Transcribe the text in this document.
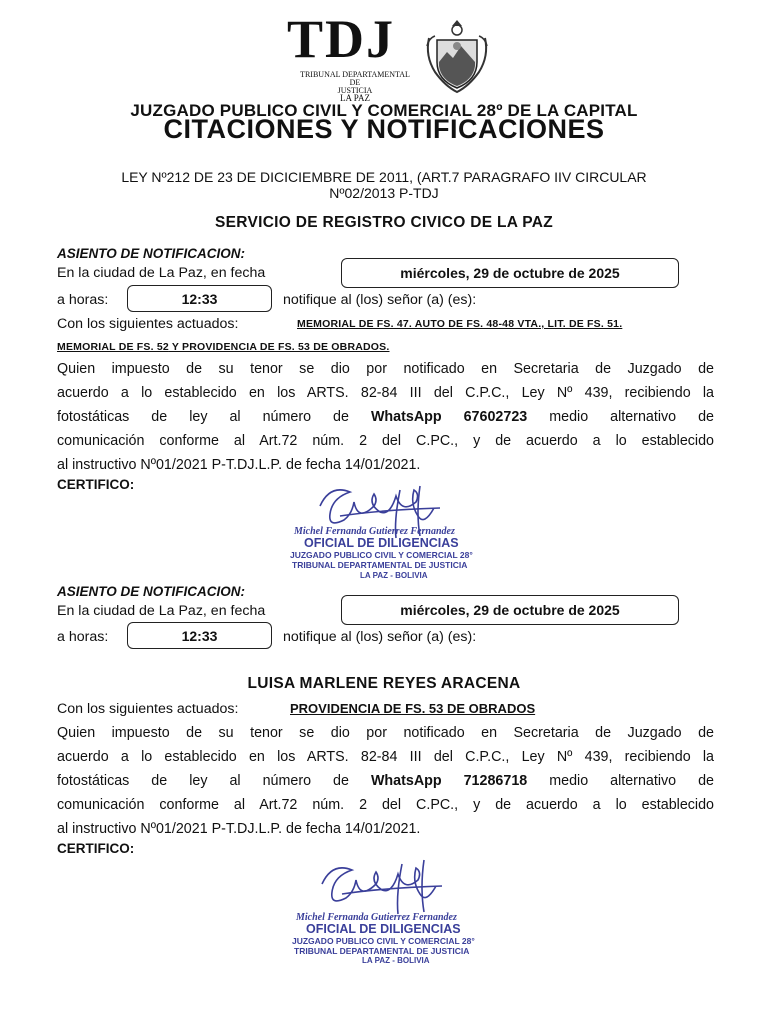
TDJ
TRIBUNAL DEPARTAMENTAL
DE
JUSTICIA
LA PAZ
JUZGADO PUBLICO CIVIL Y COMERCIAL 28º DE LA CAPITAL
CITACIONES Y NOTIFICACIONES
LEY Nº212 DE 23 DE DICICIEMBRE DE 2011, (ART.7 PARAGRAFO IIV CIRCULAR
Nº02/2013 P-TDJ
SERVICIO DE REGISTRO CIVICO DE LA PAZ
ASIENTO DE NOTIFICACION:
En la ciudad de La Paz, en fecha	miércoles, 29 de octubre de 2025
a horas:	12:33	notifique al (los) señor (a) (es):
Con los siguientes actuados:	MEMORIAL DE FS. 47. AUTO DE FS. 48-48 VTA., LIT. DE FS. 51.
MEMORIAL DE FS. 52 Y PROVIDENCIA DE FS. 53 DE OBRADOS.
Quien impuesto de su tenor se dio por notificado en Secretaria de Juzgado de
acuerdo a lo establecido en los ARTS. 82-84 III del C.P.C., Ley Nº 439, recibiendo la
fotostáticas de ley al número de WhatsApp 67602723 medio alternativo de
comunicación conforme al Art.72 núm. 2 del C.PC., y de acuerdo a lo establecido
al instructivo Nº01/2021 P-T.DJ.L.P. de fecha 14/01/2021.
CERTIFICO:
Michel Fernanda Gutierrez Fernandez
OFICIAL DE DILIGENCIAS
JUZGADO PUBLICO CIVIL Y COMERCIAL 28°
TRIBUNAL DEPARTAMENTAL DE JUSTICIA
LA PAZ - BOLIVIA
ASIENTO DE NOTIFICACION:
En la ciudad de La Paz, en fecha	miércoles, 29 de octubre de 2025
a horas:	12:33	notifique al (los) señor (a) (es):
LUISA MARLENE REYES ARACENA
Con los siguientes actuados:	PROVIDENCIA DE FS. 53 DE OBRADOS
Quien impuesto de su tenor se dio por notificado en Secretaria de Juzgado de
acuerdo a lo establecido en los ARTS. 82-84 III del C.P.C., Ley Nº 439, recibiendo la
fotostáticas de ley al número de WhatsApp 71286718 medio alternativo de
comunicación conforme al Art.72 núm. 2 del C.PC., y de acuerdo a lo establecido
al instructivo Nº01/2021 P-T.DJ.L.P. de fecha 14/01/2021.
CERTIFICO:
Michel Fernanda Gutierrez Fernandez
OFICIAL DE DILIGENCIAS
JUZGADO PUBLICO CIVIL Y COMERCIAL 28°
TRIBUNAL DEPARTAMENTAL DE JUSTICIA
LA PAZ - BOLIVIA
